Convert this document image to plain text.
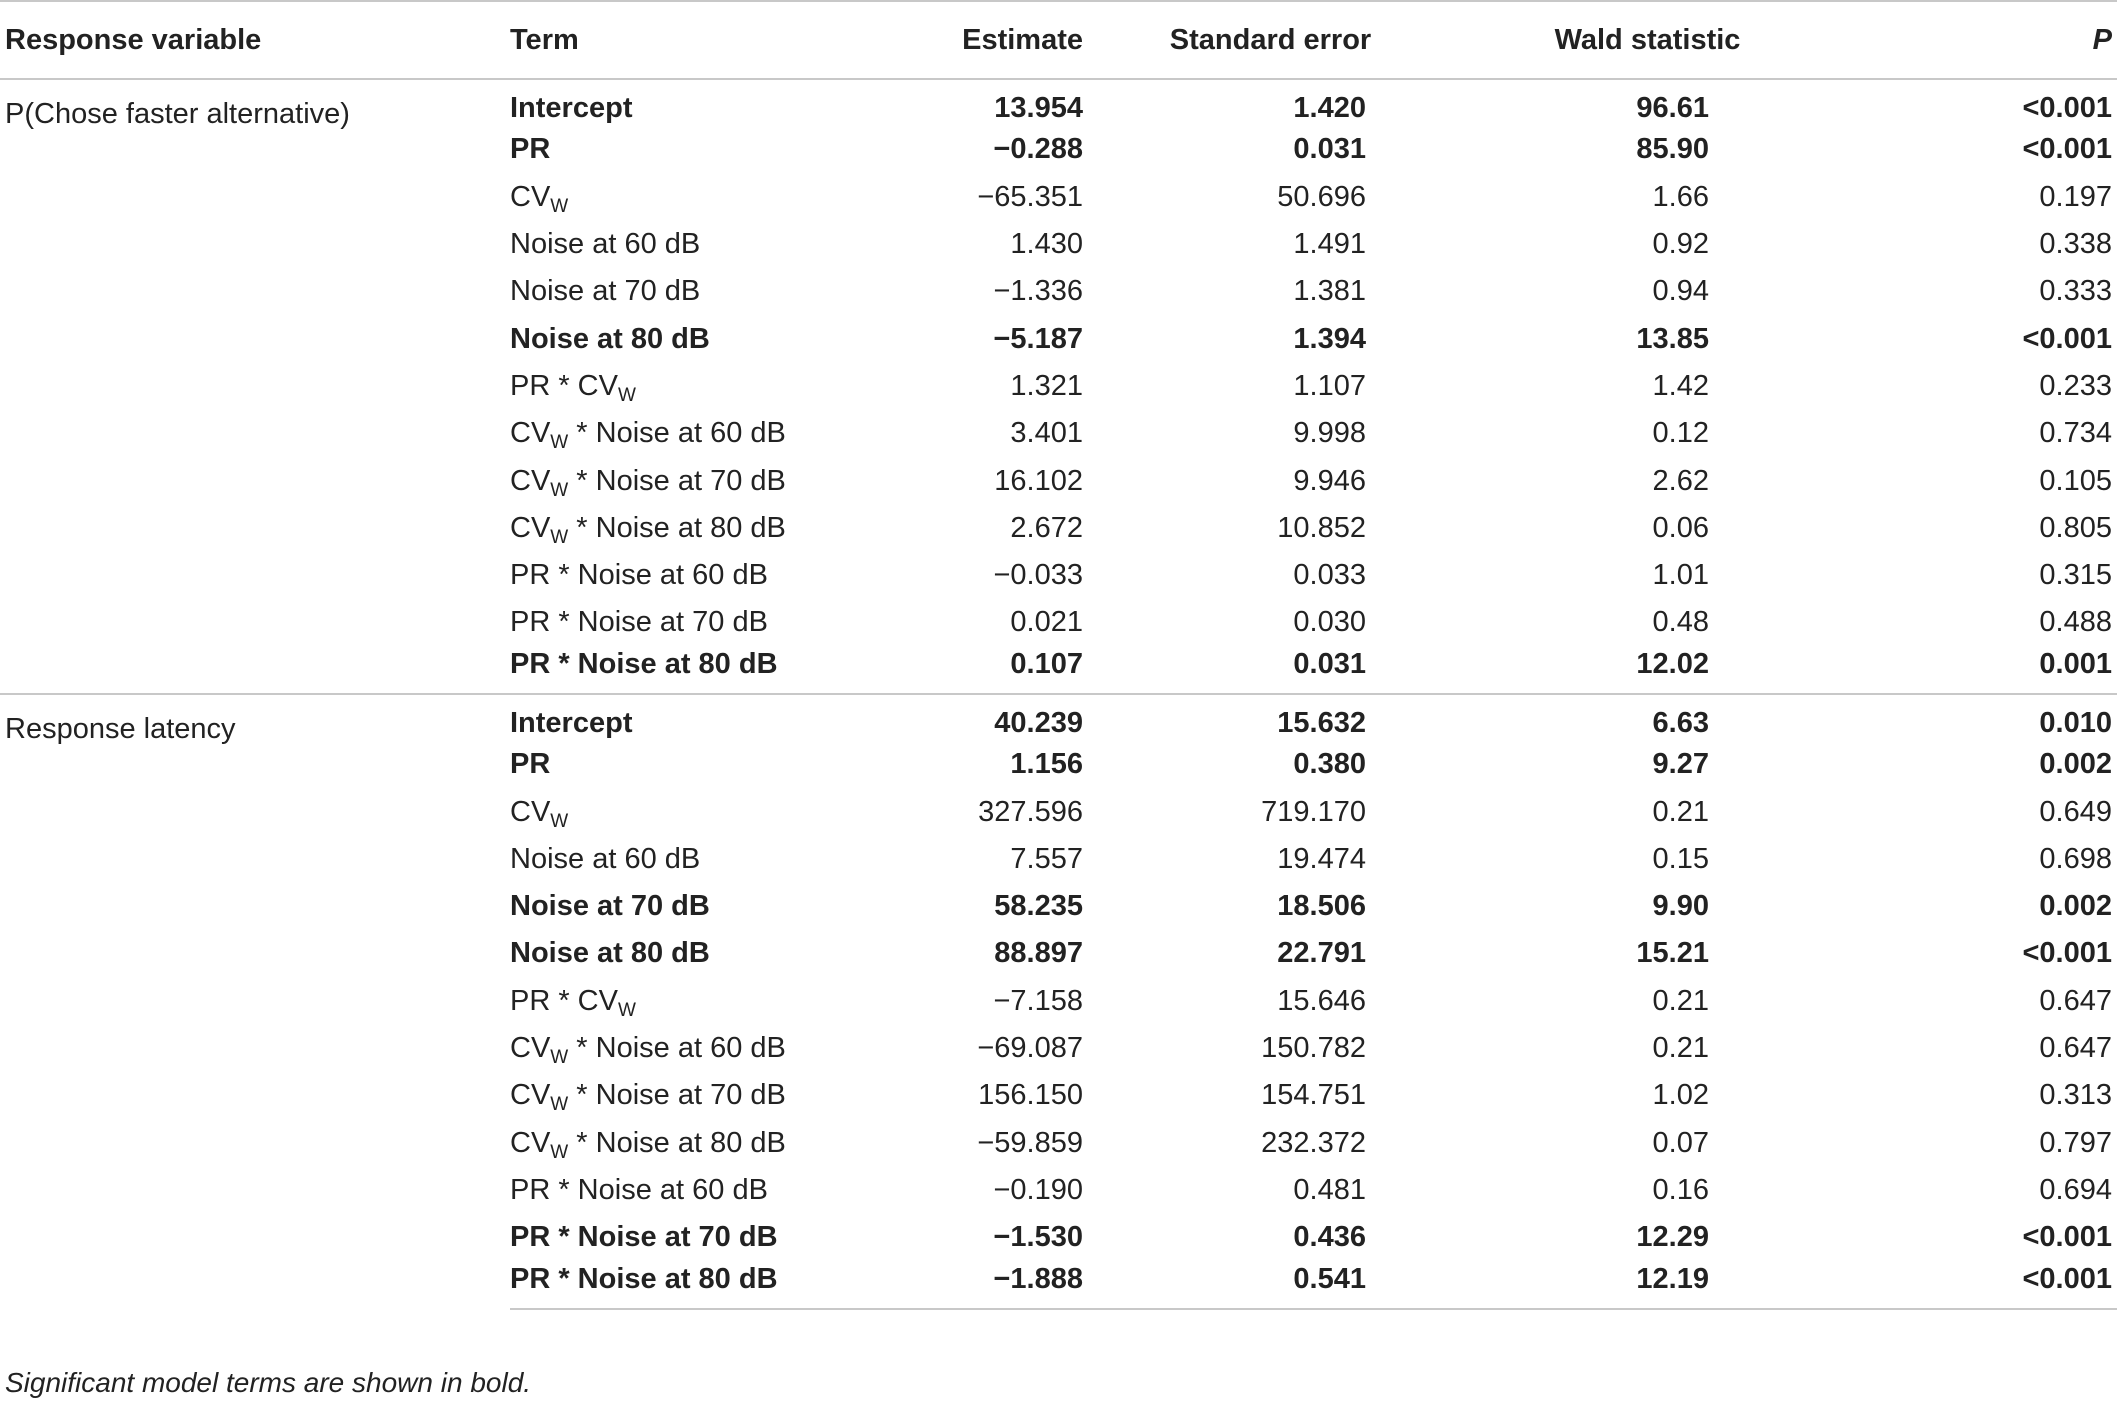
Response variable	Term	Estimate	Standard error	Wald statistic	P
P(Chose faster alternative)	Intercept	13.954	1.420	96.61	<0.001
	PR	−0.288	0.031	85.90	<0.001
	$CV_W$	−65.351	50.696	1.66	0.197
	Noise at 60 dB	1.430	1.491	0.92	0.338
	Noise at 70 dB	−1.336	1.381	0.94	0.333
	Noise at 80 dB	−5.187	1.394	13.85	<0.001
	PR * $CV_W$	1.321	1.107	1.42	0.233
	$CV_W$ * Noise at 60 dB	3.401	9.998	0.12	0.734
	$CV_W$ * Noise at 70 dB	16.102	9.946	2.62	0.105
	$CV_W$ * Noise at 80 dB	2.672	10.852	0.06	0.805
	PR * Noise at 60 dB	−0.033	0.033	1.01	0.315
	PR * Noise at 70 dB	0.021	0.030	0.48	0.488
	PR * Noise at 80 dB	0.107	0.031	12.02	0.001
Response latency	Intercept	40.239	15.632	6.63	0.010
	PR	1.156	0.380	9.27	0.002
	$CV_W$	327.596	719.170	0.21	0.649
	Noise at 60 dB	7.557	19.474	0.15	0.698
	Noise at 70 dB	58.235	18.506	9.90	0.002
	Noise at 80 dB	88.897	22.791	15.21	<0.001
	PR * $CV_W$	−7.158	15.646	0.21	0.647
	$CV_W$ * Noise at 60 dB	−69.087	150.782	0.21	0.647
	$CV_W$ * Noise at 70 dB	156.150	154.751	1.02	0.313
	$CV_W$ * Noise at 80 dB	−59.859	232.372	0.07	0.797
	PR * Noise at 60 dB	−0.190	0.481	0.16	0.694
	PR * Noise at 70 dB	−1.530	0.436	12.29	<0.001
	PR * Noise at 80 dB	−1.888	0.541	12.19	<0.001
Significant model terms are shown in bold.
